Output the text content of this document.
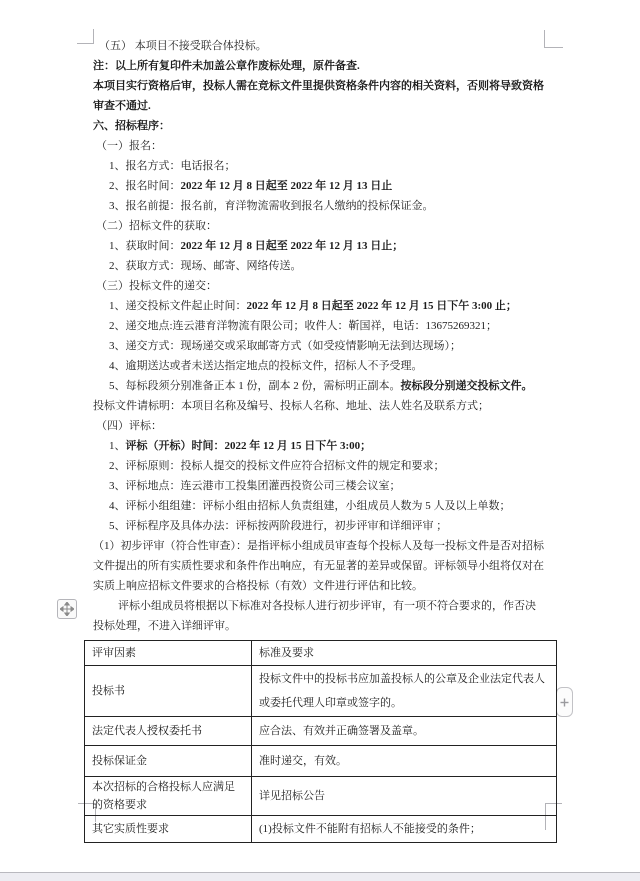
（五） 本项目不接受联合体投标。

注：以上所有复印件未加盖公章作废标处理，原件备查.

本项目实行资格后审，投标人需在竞标文件里提供资格条件内容的相关资料，否则将导致资格审查不通过.

六、招标程序：

（一）报名：

1、报名方式：电话报名；

2、报名时间：2022 年 12 月 8 日起至 2022 年 12 月 13 日止

3、报名前提：报名前，育洋物流需收到报名人缴纳的投标保证金。

（二）招标文件的获取：

1、获取时间：2022 年 12 月 8 日起至 2022 年 12 月 13 日止；

2、获取方式：现场、邮寄、网络传送。

（三）投标文件的递交：

1、递交投标文件起止时间：2022 年 12 月 8 日起至 2022 年 12 月 15 日下午 3:00 止；

2、递交地点:连云港育洋物流有限公司；收件人：靳国祥，电话：13675269321；

3、递交方式：现场递交或采取邮寄方式（如受疫情影响无法到达现场）；

4、逾期送达或者未送达指定地点的投标文件，招标人不予受理。

5、每标段须分别准备正本 1 份，副本 2 份，需标明正副本。按标段分别递交投标文件。

投标文件请标明：本项目名称及编号、投标人名称、地址、法人姓名及联系方式；

（四）评标：

1、评标（开标）时间：2022 年 12 月 15 日下午 3:00；

2、评标原则：投标人提交的投标文件应符合招标文件的规定和要求；

3、评标地点：连云港市工投集团灌西投资公司三楼会议室；

4、评标小组组建：评标小组由招标人负责组建，小组成员人数为 5 人及以上单数；

5、评标程序及具体办法：评标按两阶段进行，初步评审和详细评审 ；

（1）初步评审（符合性审查）：是指评标小组成员审查每个投标人及每一投标文件是否对招标文件提出的所有实质性要求和条件作出响应，有无显著的差异或保留。评标领导小组将仅对在实质上响应招标文件要求的合格投标（有效）文件进行评估和比较。

评标小组成员将根据以下标准对各投标人进行初步评审，有一项不符合要求的，作否决投标处理，不进入详细评审。

评审因素	标准及要求
投标书	投标文件中的投标书应加盖投标人的公章及企业法定代表人或委托代理人印章或签字的。
法定代表人授权委托书	应合法、有效并正确签署及盖章。
投标保证金	准时递交，有效。
本次招标的合格投标人应满足的资格要求	详见招标公告
其它实质性要求	(1)投标文件不能附有招标人不能接受的条件；
